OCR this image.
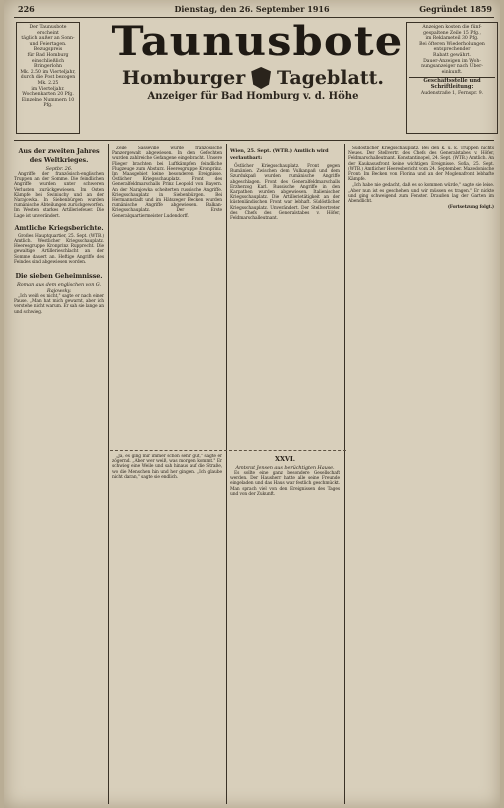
226	Dienstag, den 26. September 1916	Gegründet 1859
Der Taunusbote erscheint
täglich außer an Sonn-
und Feiertagen.
Bezugspreis
für Bad Homburg
einschließlich Bringerlohn
Mk. 2.50 im Vierteljahr,
durch die Post bezogen
Mk. 2.25
im Vierteljahr.
Wochenkarten 20 Pfg.
Einzelne Nummern 10 Pfg.
Taunusbote
Homburger Tageblatt.
Anzeiger für Bad Homburg v. d. Höhe
Anzeigen kosten die fünf-
gespaltene Zeile 15 Pfg.,
im Reklameteil 30 Pfg.
Bei öfteren Wiederholungen
entsprechender
Rabatt gewährt.
Dauer-Anzeigen im Woh-
nungsanzeiger nach Über-
einkunft.
Geschäftsstelle und Schriftleitung:
Audenstraße 1, Fernspr. 9.
Aus der zweiten Jahres
des Weltkrieges.
Septbr. 26.

Angriffe der französisch-englischen Truppen an der Somme. Die feindlichen Angriffe wurden unter schweren Verlusten zurückgewiesen. Im Osten Kämpfe bei Swiniuchy und an der Narajowka. In Siebenbürgen wurden rumänische Abteilungen zurückgeworfen. Im Westen starkes Artilleriefeuer. Die Lage ist unverändert.

Amtliche Kriegsberichte.

Großes Hauptquartier, 25. Sept. (WTB.) Amtlich. Westlicher Kriegsschauplatz. Heeresgruppe Kronprinz Rupprecht. Die gewaltige Artillerieschlacht an der Somme dauert an. Heftige Angriffe des Feindes sind abgewiesen worden.

Die sieben Geheimnisse.
Roman aus dem englischen von G. Rajowsky.

„Ich weiß es nicht," sagte er nach einer Pause. „Man hat mich gewarnt, aber ich verstehe nicht warum. Er sah sie lange an und schwieg.

Zeile Sasseville wurde französische Panzergewalt abgewiesen. In den Gefechten wurden zahlreiche Gefangene eingebracht. Unsere Flieger brachten bei Luftkämpfen feindliche Flugzeuge zum Absturz. Heeresgruppe Kronprinz. Im Maasgebiet keine besonderen Ereignisse. Östlicher Kriegsschauplatz. Front des Generalfeldmarschalls Prinz Leopold von Bayern. An der Narajowka scheiterten russische Angriffe. Kriegsschauplatz in Siebenbürgen. Bei Hermannstadt und im Hätszeger Becken wurden rumänische Angriffe abgewiesen. Balkan-Kriegsschauplatz. Der Erste Generalquartiermeister Ludendorff.

Wien, 25. Sept. (WTB.) Amtlich wird verlautbart:

Östlicher Kriegsschauplatz. Front gegen Rumänien. Zwischen dem Vulkanpaß und dem Szurdukpaß wurden rumänische Angriffe abgeschlagen. Front des Generalfeldmarschalls Erzherzog Karl. Russische Angriffe in den Karpathen wurden abgewiesen. Italienischer Kriegsschauplatz. Die Artillerietätigkeit an der küstenländischen Front war lebhaft. Südöstlicher Kriegsschauplatz. Unverändert. Der Stellvertreter des Chefs des Generalstabes v. Höfer, Feldmarschalleutnant.

Südöstlicher Kriegsschauplatz. Bei den k. u. k. Truppen nichts Neues. Der Stellvertr. des Chefs des Generalstabes v. Höfer, Feldmarschalleutnant. Konstantinopel, 24. Sept. (WTB.) Amtlich. An der Kaukasusfront keine wichtigen Ereignisse. Sofia, 25. Sept. (WTB.) Amtlicher Heeresbericht vom 24. September. Mazedonische Front: Im Becken von Florina und an der Moglenafront lebhafte Kämpfe.

„Ich habe nie gedacht, daß es so kommen würde," sagte sie leise. „Aber nun ist es geschehen und wir müssen es tragen." Er nickte und ging schweigend zum Fenster. Draußen lag der Garten im Abendlicht.

(Fortsetzung folgt.)

„Ja, es ging mir immer schon sehr gut," sagte er zögernd. „Aber wer weiß, was morgen kommt." Er schwieg eine Weile und sah hinaus auf die Straße, wo die Menschen hin und her gingen. „Ich glaube nicht daran," sagte sie endlich.

XXVI.
Amtsrat Jensen aus berüchtigten Hause.

Es sollte eine ganz besondere Gesellschaft werden. Der Hausherr hatte alle seine Freunde eingeladen und das Haus war festlich geschmückt. Man sprach viel von den Ereignissen des Tages und von der Zukunft.
